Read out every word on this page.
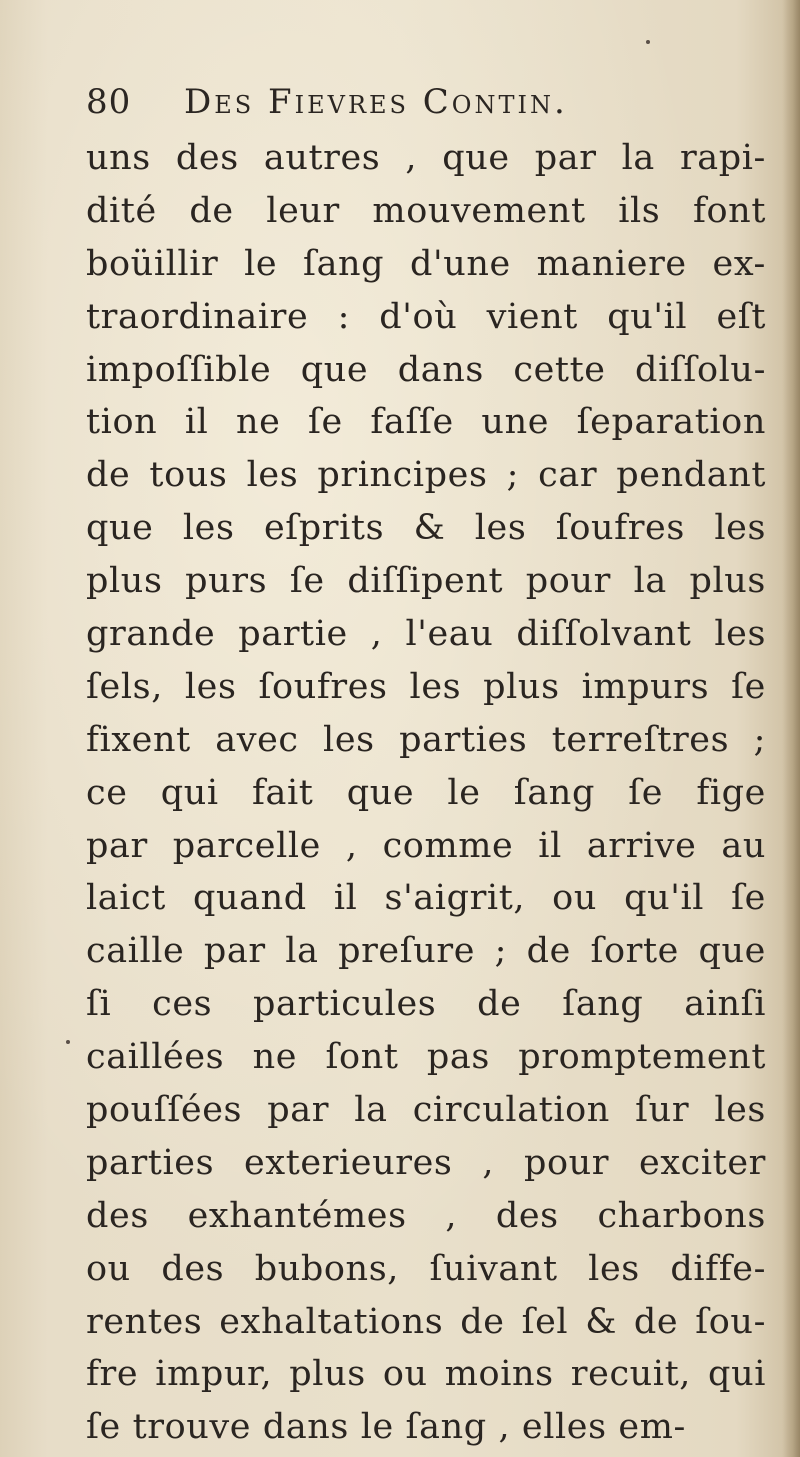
80 Des Fievres Contin.
uns des autres , que par la rapi-
dité de leur mouvement ils font
boüillir le ſang d'une maniere ex-
traordinaire : d'où vient qu'il eſt
impoſſible que dans cette diſſolu-
tion il ne ſe faſſe une ſeparation
de tous les principes ; car pendant
que les eſprits & les ſoufres les
plus purs ſe diſſipent pour la plus
grande partie , l'eau diſſolvant les
ſels, les ſoufres les plus impurs ſe
fixent avec les parties terreſtres ;
ce qui fait que le ſang ſe fige
par parcelle , comme il arrive au
laict quand il s'aigrit, ou qu'il ſe
caille par la preſure ; de ſorte que
ſi ces particules de ſang ainſi
caillées ne ſont pas promptement
pouſſées par la circulation ſur les
parties exterieures , pour exciter
des exhantémes , des charbons
ou des bubons, ſuivant les diffe-
rentes exhaltations de ſel & de ſou-
fre impur, plus ou moins recuit, qui
ſe trouve dans le ſang , elles em-
